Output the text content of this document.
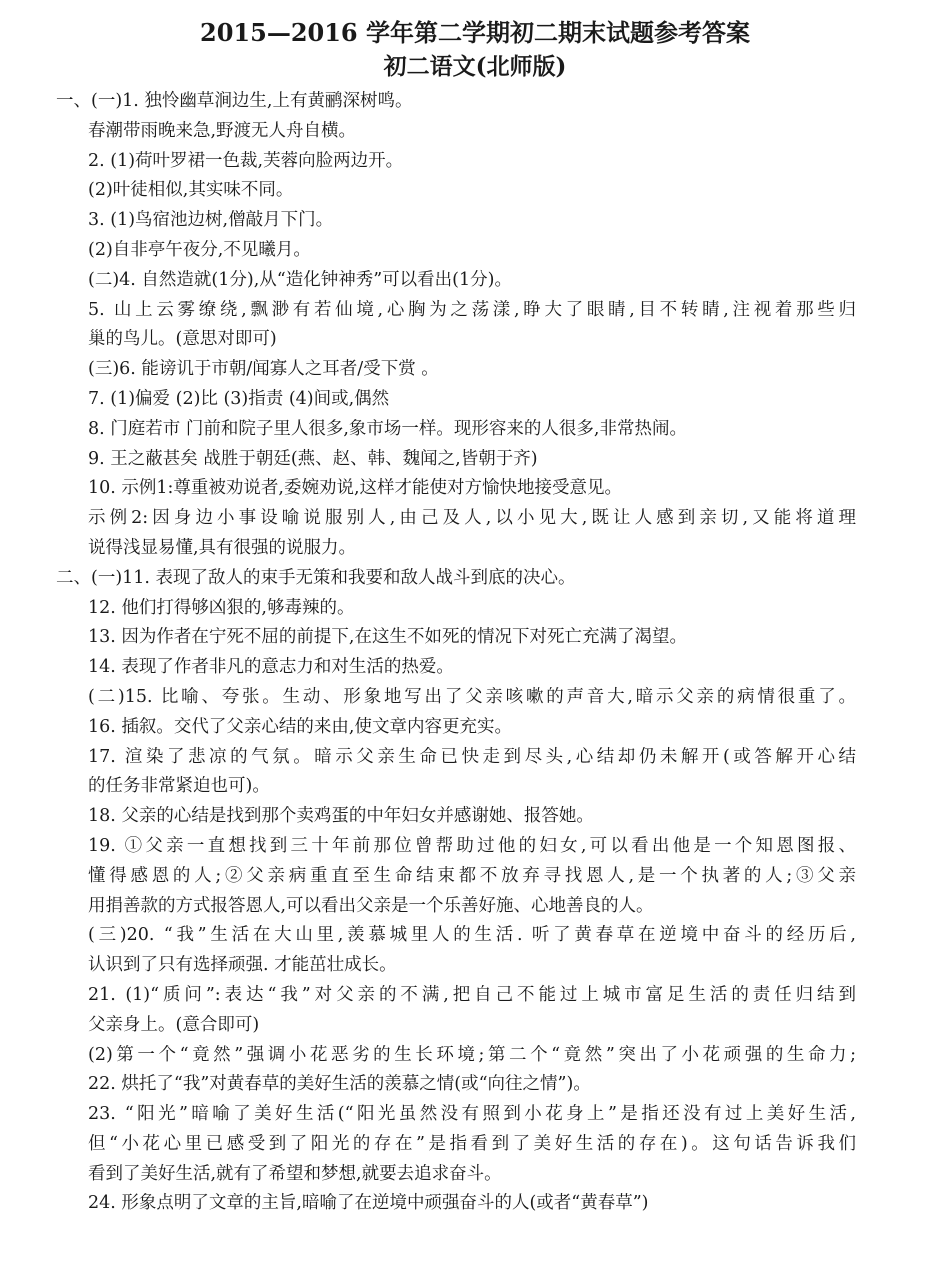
2015—2016 学年第二学期初二期末试题参考答案
初二语文(北师版)
一、(一)1. 独怜幽草涧边生,上有黄鹂深树鸣。
春潮带雨晚来急,野渡无人舟自横。
2. (1)荷叶罗裙一色裁,芙蓉向脸两边开。
(2)叶徒相似,其实味不同。
3. (1)鸟宿池边树,僧敲月下门。
(2)自非亭午夜分,不见曦月。
(二)4. 自然造就(1分),从“造化钟神秀”可以看出(1分)。
5. 山上云雾缭绕,飘渺有若仙境,心胸为之荡漾,睁大了眼睛,目不转睛,注视着那些归
巢的鸟儿。(意思对即可)
(三)6. 能谤讥于市朝/闻寡人之耳者/受下赏 。
7. (1)偏爱 (2)比 (3)指责 (4)间或,偶然
8. 门庭若市 门前和院子里人很多,象市场一样。现形容来的人很多,非常热闹。
9. 王之蔽甚矣 战胜于朝廷(燕、赵、韩、魏闻之,皆朝于齐)
10. 示例1:尊重被劝说者,委婉劝说,这样才能使对方愉快地接受意见。
示例2:因身边小事设喻说服别人,由己及人,以小见大,既让人感到亲切,又能将道理
说得浅显易懂,具有很强的说服力。
二、(一)11. 表现了敌人的束手无策和我要和敌人战斗到底的决心。
12. 他们打得够凶狠的,够毒辣的。
13. 因为作者在宁死不屈的前提下,在这生不如死的情况下对死亡充满了渴望。
14. 表现了作者非凡的意志力和对生活的热爱。
(二)15. 比喻、夸张。生动、形象地写出了父亲咳嗽的声音大,暗示父亲的病情很重了。
16. 插叙。交代了父亲心结的来由,使文章内容更充实。
17. 渲染了悲凉的气氛。暗示父亲生命已快走到尽头,心结却仍未解开(或答解开心结
的任务非常紧迫也可)。
18. 父亲的心结是找到那个卖鸡蛋的中年妇女并感谢她、报答她。
19. ①父亲一直想找到三十年前那位曾帮助过他的妇女,可以看出他是一个知恩图报、
懂得感恩的人;②父亲病重直至生命结束都不放弃寻找恩人,是一个执著的人;③父亲
用捐善款的方式报答恩人,可以看出父亲是一个乐善好施、心地善良的人。
(三)20. “我”生活在大山里,羡慕城里人的生活. 听了黄春草在逆境中奋斗的经历后,
认识到了只有选择顽强. 才能茁壮成长。
21. (1)“质问”:表达“我”对父亲的不满,把自己不能过上城市富足生活的责任归结到
父亲身上。(意合即可)
(2)第一个“竟然”强调小花恶劣的生长环境;第二个“竟然”突出了小花顽强的生命力;
22. 烘托了“我”对黄春草的美好生活的羡慕之情(或“向往之情”)。
23. “阳光”暗喻了美好生活(“阳光虽然没有照到小花身上”是指还没有过上美好生活,
但“小花心里已感受到了阳光的存在”是指看到了美好生活的存在)。这句话告诉我们
看到了美好生活,就有了希望和梦想,就要去追求奋斗。
24. 形象点明了文章的主旨,暗喻了在逆境中顽强奋斗的人(或者“黄春草”)
